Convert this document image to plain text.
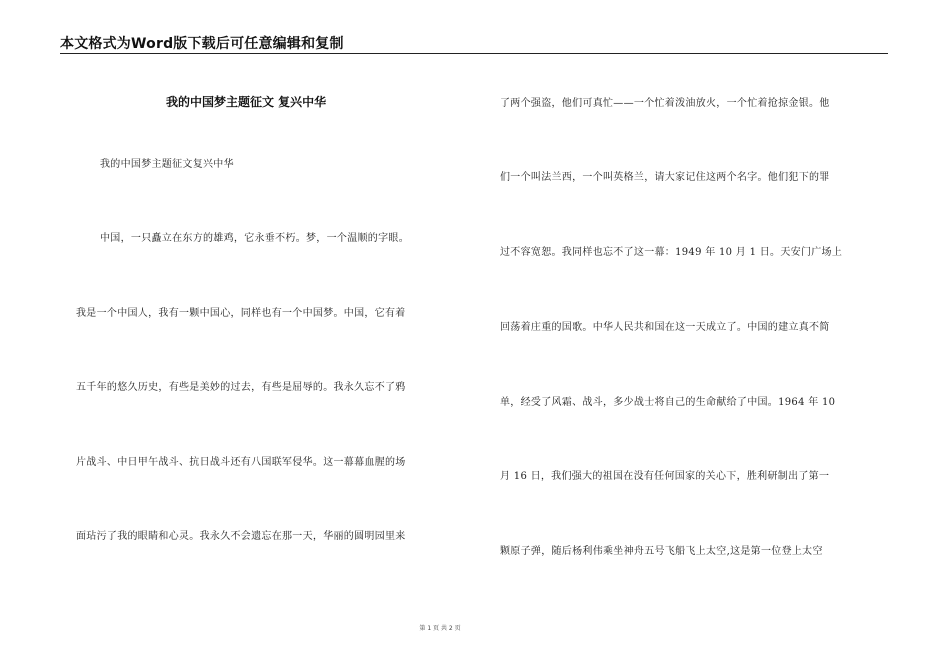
本文格式为Word版下载后可任意编辑和复制
我的中国梦主题征文 复兴中华
我的中国梦主题征文复兴中华
中国，一只矗立在东方的雄鸡，它永垂不朽。梦，一个温顺的字眼。
我是一个中国人，我有一颗中国心，同样也有一个中国梦。中国，它有着
五千年的悠久历史，有些是美妙的过去，有些是屈辱的。我永久忘不了鸦
片战斗、中日甲午战斗、抗日战斗还有八国联军侵华。这一幕幕血腥的场
面玷污了我的眼睛和心灵。我永久不会遗忘在那一天，华丽的圆明园里来
了两个强盗，他们可真忙——一个忙着泼油放火，一个忙着抢掠金银。他
们一个叫法兰西，一个叫英格兰，请大家记住这两个名字。他们犯下的罪
过不容宽恕。我同样也忘不了这一幕：1949 年 10 月 1 日。天安门广场上
回荡着庄重的国歌。中华人民共和国在这一天成立了。中国的建立真不简
单，经受了风霜、战斗，多少战士将自己的生命献给了中国。1964 年 10
月 16 日，我们强大的祖国在没有任何国家的关心下，胜利研制出了第一
颗原子弹，随后杨利伟乘坐神舟五号飞船飞上太空,这是第一位登上太空
第 1 页 共 2 页
